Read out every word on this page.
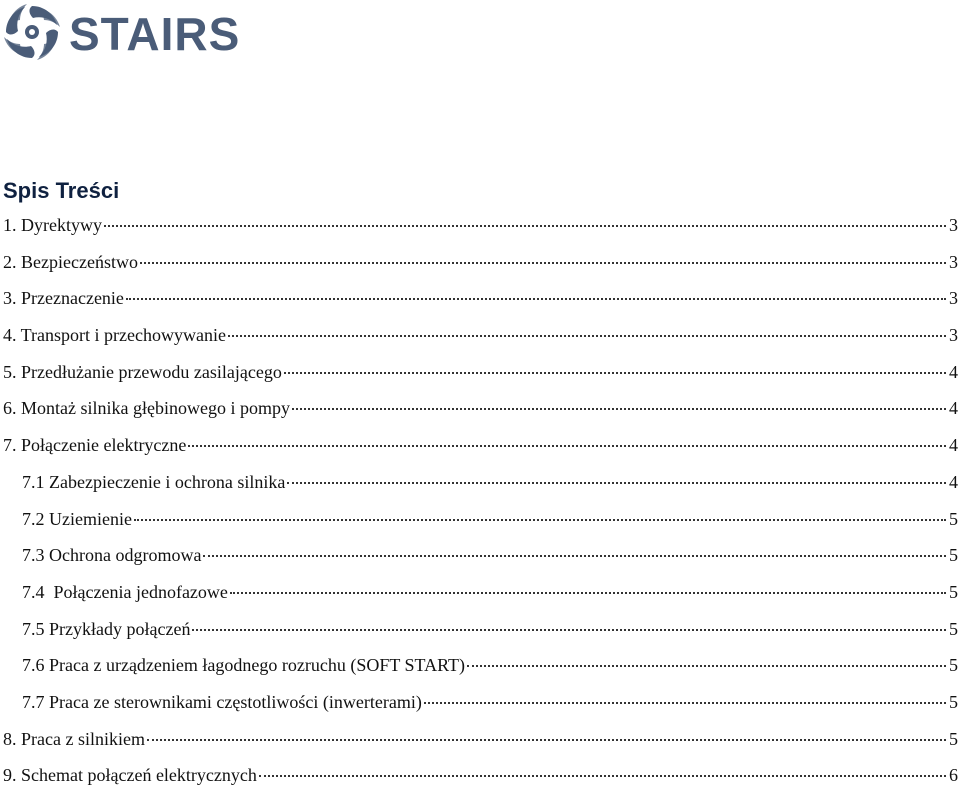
STAIRS
Spis Treści
1. Dyrektywy	3
2. Bezpieczeństwo	3
3. Przeznaczenie	3
4. Transport i przechowywanie	3
5. Przedłużanie przewodu zasilającego	4
6. Montaż silnika głębinowego i pompy	4
7. Połączenie elektryczne	4
7.1 Zabezpieczenie i ochrona silnika	4
7.2 Uziemienie	5
7.3 Ochrona odgromowa	5
7.4  Połączenia jednofazowe	5
7.5 Przykłady połączeń	5
7.6 Praca z urządzeniem łagodnego rozruchu (SOFT START)	5
7.7 Praca ze sterownikami częstotliwości (inwerterami)	5
8. Praca z silnikiem	5
9. Schemat połączeń elektrycznych	6
